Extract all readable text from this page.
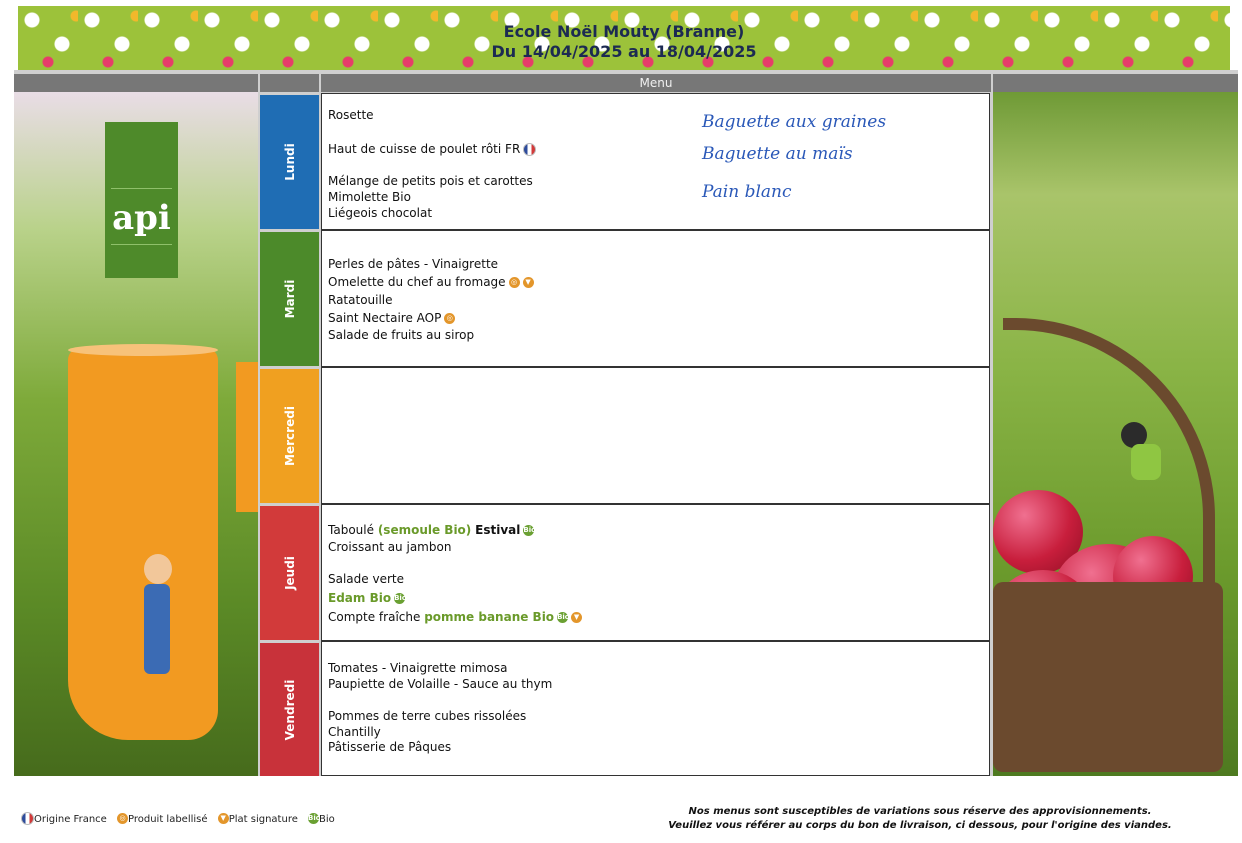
Ecole Noël Mouty (Branne)
Du 14/04/2025 au 18/04/2025
Menu
api
Lundi
Rosette
Haut de cuisse de poulet rôti FR
Mélange de petits pois et carottes
Mimolette Bio
Liégeois chocolat
Baguette aux graines
Baguette au maïs
Pain blanc
Mardi
Perles de pâtes - Vinaigrette
Omelette du chef au fromage ◎ ▼
Ratatouille
Saint Nectaire AOP ◎
Salade de fruits au sirop
Mercredi
Jeudi
Taboulé (semoule Bio) Estival Bio
Croissant au jambon
Salade verte
Edam Bio Bio
Compte fraîche pomme banane Bio Bio ▼
Vendredi
Tomates - Vinaigrette mimosa
Paupiette de Volaille - Sauce au thym
Pommes de terre cubes rissolées
Chantilly
Pâtisserie de Pâques
Origine France ◎ Produit labellisé ▼ Plat signature BioBio
Nos menus sont susceptibles de variations sous réserve des approvisionnements.
Veuillez vous référer au corps du bon de livraison, ci dessous, pour l'origine des viandes.
